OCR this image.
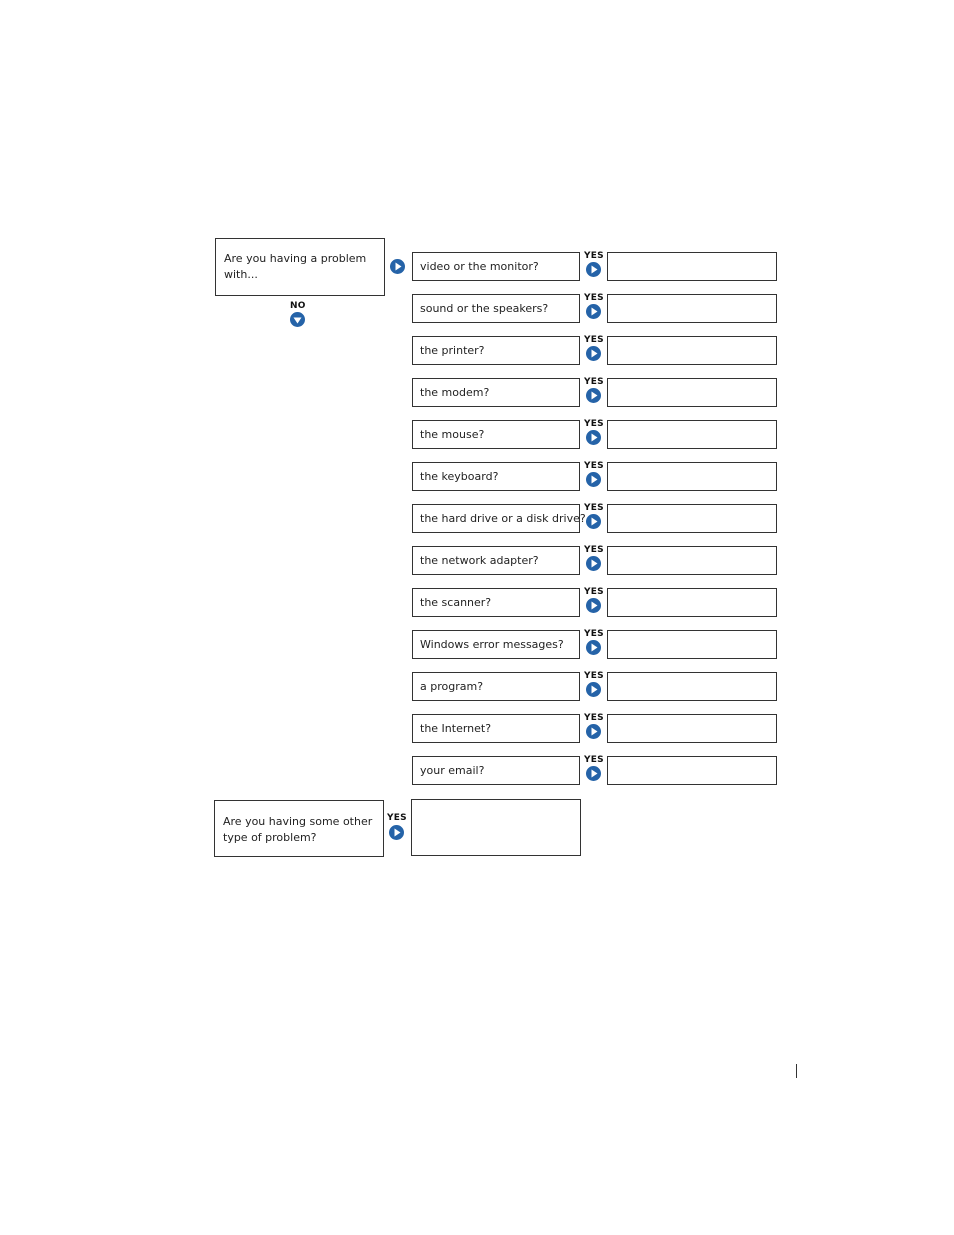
Are you having a problem with...
NO
video or the monitor?
YES
sound or the speakers?
YES
the printer?
YES
the modem?
YES
the mouse?
YES
the keyboard?
YES
the hard drive or a disk drive?
YES
the network adapter?
YES
the scanner?
YES
Windows error messages?
YES
a program?
YES
the Internet?
YES
your email?
YES
Are you having some other type of problem?
YES
